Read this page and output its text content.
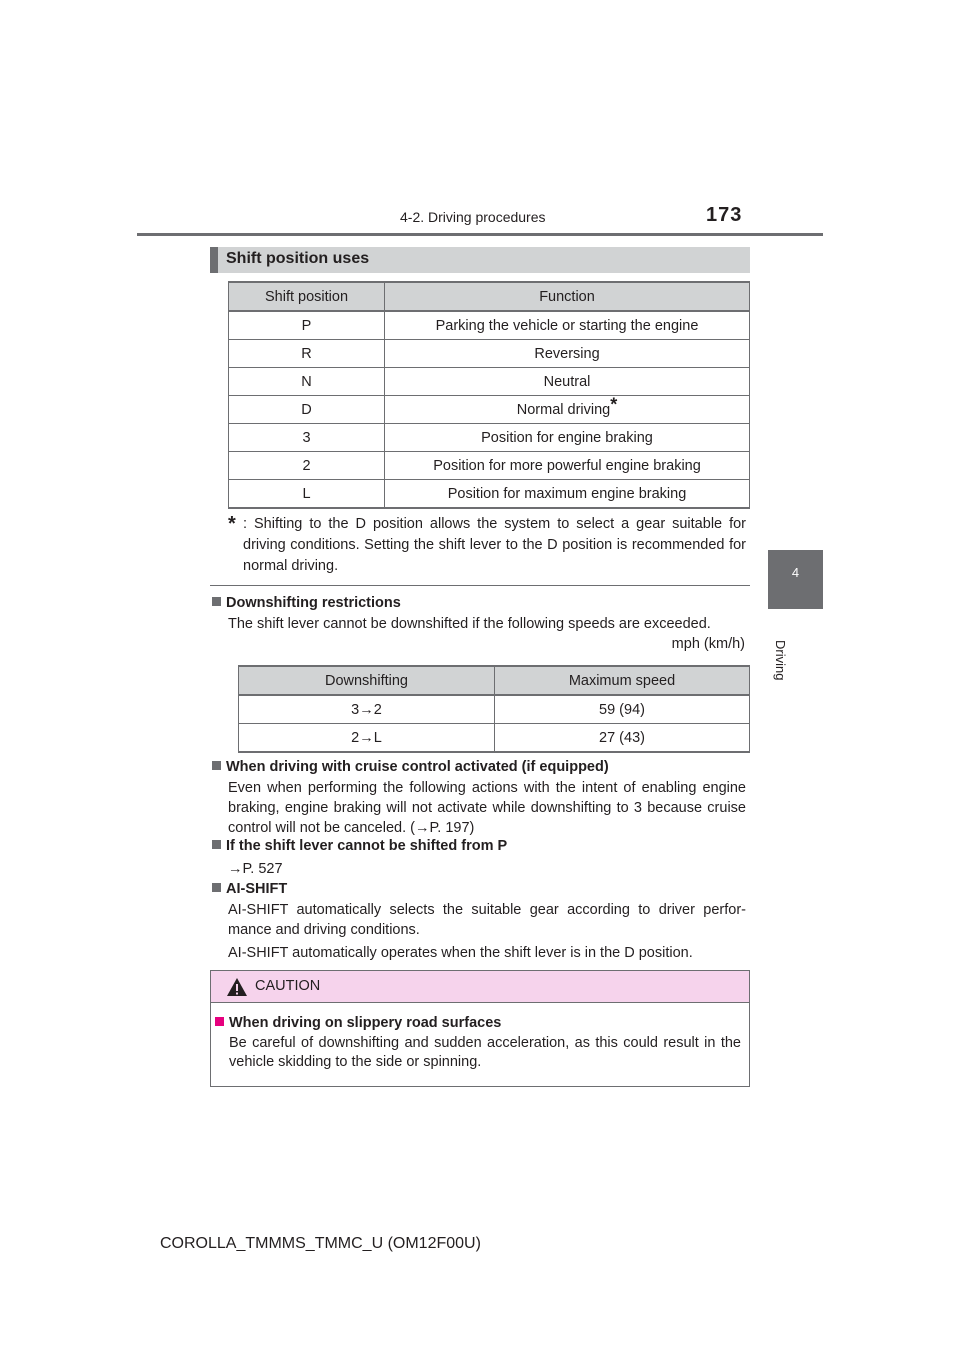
4-2. Driving procedures	173
4
Driving
Shift position uses
Shift position	Function
P	Parking the vehicle or starting the engine
R	Reversing
N	Neutral
D	Normal driving*
3	Position for engine braking
2	Position for more powerful engine braking
L	Position for maximum engine braking
* : Shifting to the D position allows the system to select a gear suitable for driving conditions. Setting the shift lever to the D position is recommended for normal driving.
Downshifting restrictions
The shift lever cannot be downshifted if the following speeds are exceeded.
mph (km/h)
Downshifting	Maximum speed
3→2	59 (94)
2→L	27 (43)
When driving with cruise control activated (if equipped)
Even when performing the following actions with the intent of enabling engine braking, engine braking will not activate while downshifting to 3 because cruise control will not be canceled. (→P. 197)
If the shift lever cannot be shifted from P
→P. 527
AI-SHIFT
AI-SHIFT automatically selects the suitable gear according to driver perfor-mance and driving conditions.
AI-SHIFT automatically operates when the shift lever is in the D position.
CAUTION
When driving on slippery road surfaces
Be careful of downshifting and sudden acceleration, as this could result in the vehicle skidding to the side or spinning.
COROLLA_TMMMS_TMMC_U (OM12F00U)
